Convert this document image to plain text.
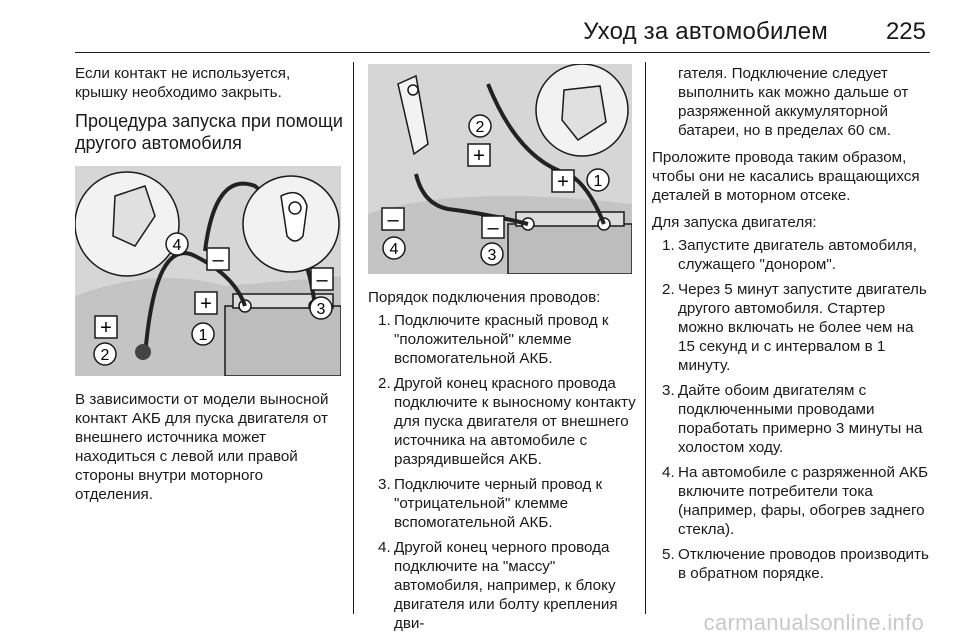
Уход за автомобилем 225

Если контакт не используется, крышку необходимо закрыть.

Процедура запуска при помощи другого автомобиля
+
2
4
–
+
1
–
3

В зависимости от модели выносной контакт АКБ для пуска двигателя от внешнего источника может находиться с левой или правой стороны внутри моторного отделения.

2
+
+ 1
–
4
–
3

Порядок подключения проводов:

1. Подключите красный провод к "положительной" клемме вспомогательной АКБ.
2. Другой конец красного провода подключите к выносному контакту для пуска двигателя от внешнего источника на автомобиле с разрядившейся АКБ.
3. Подключите черный провод к "отрицательной" клемме вспомогательной АКБ.
4. Другой конец черного провода подключите на "массу" автомобиля, например, к блоку двигателя или болту крепления дви-

гателя. Подключение следует выполнить как можно дальше от разряженной аккумуляторной батареи, но в пределах 60 см.

Проложите провода таким образом, чтобы они не касались вращающихся деталей в моторном отсеке.

Для запуска двигателя:

1. Запустите двигатель автомобиля, служащего "донором".
2. Через 5 минут запустите двигатель другого автомобиля. Стартер можно включать не более чем на 15 секунд и с интервалом в 1 минуту.
3. Дайте обоим двигателям с подключенными проводами поработать примерно 3 минуты на холостом ходу.
4. На автомобиле с разряженной АКБ включите потребители тока (например, фары, обогрев заднего стекла).
5. Отключение проводов производить в обратном порядке.
carmanualsonline.info
